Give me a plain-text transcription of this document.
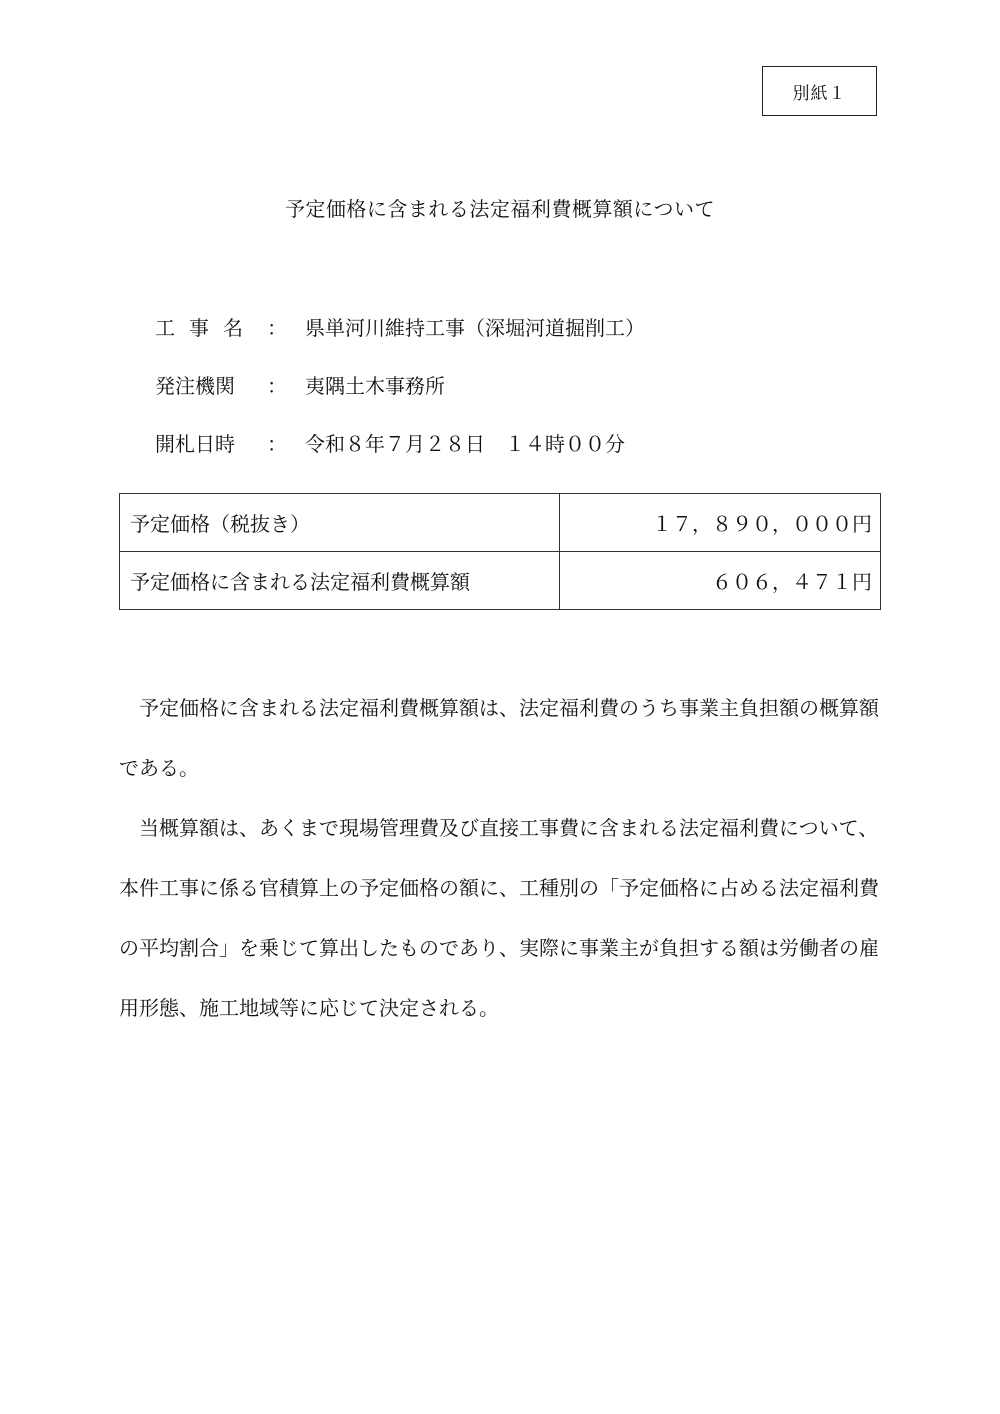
別紙１
予定価格に含まれる法定福利費概算額について
工事名 ： 県単河川維持工事（深堀河道掘削工）
発注機関	： 夷隅土木事務所
開札日時	： 令和８年７月２８日　１４時００分
予定価格（税抜き）	１７，８９０，０００円
予定価格に含まれる法定福利費概算額	６０６，４７１円

予定価格に含まれる法定福利費概算額は、法定福利費のうち事業主負担額の概算額である。

当概算額は、あくまで現場管理費及び直接工事費に含まれる法定福利費について、本件工事に係る官積算上の予定価格の額に、工種別の「予定価格に占める法定福利費の平均割合」を乗じて算出したものであり、実際に事業主が負担する額は労働者の雇用形態、施工地域等に応じて決定される。
